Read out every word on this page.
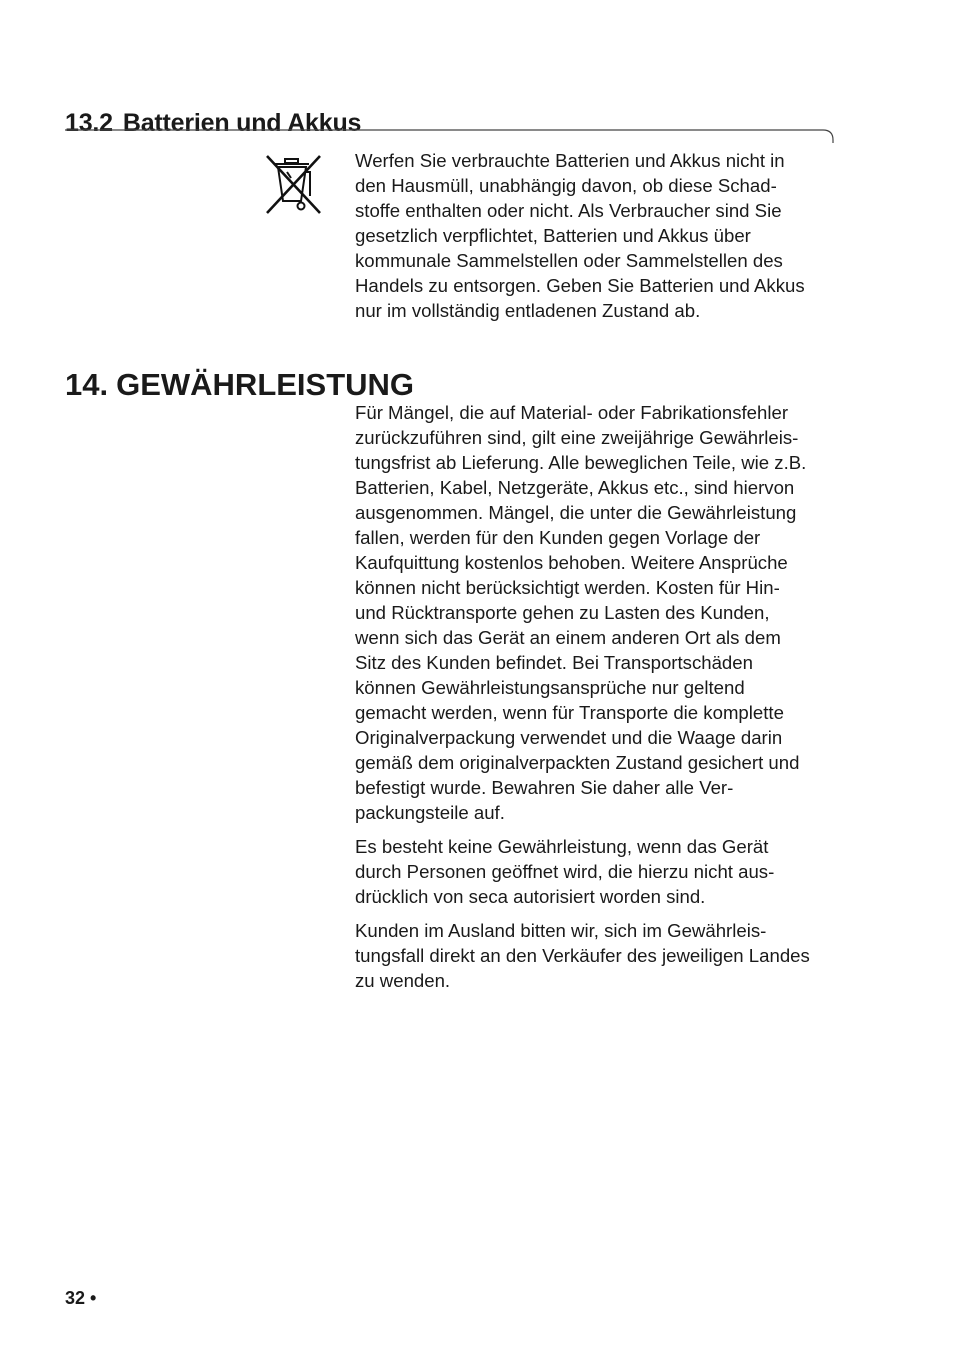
13.2 Batterien und Akkus
Werfen Sie verbrauchte Batterien und Akkus nicht in
den Hausmüll, unabhängig davon, ob diese Schad-
stoffe enthalten oder nicht. Als Verbraucher sind Sie
gesetzlich verpflichtet, Batterien und Akkus über
kommunale Sammelstellen oder Sammelstellen des
Handels zu entsorgen. Geben Sie Batterien und Akkus
nur im vollständig entladenen Zustand ab.
14. GEWÄHRLEISTUNG
Für Mängel, die auf Material- oder Fabrikationsfehler
zurückzuführen sind, gilt eine zweijährige Gewährleis-
tungsfrist ab Lieferung. Alle beweglichen Teile, wie z.B.
Batterien, Kabel, Netzgeräte, Akkus etc., sind hiervon
ausgenommen. Mängel, die unter die Gewährleistung
fallen, werden für den Kunden gegen Vorlage der
Kaufquittung kostenlos behoben. Weitere Ansprüche
können nicht berücksichtigt werden. Kosten für Hin-
und Rücktransporte gehen zu Lasten des Kunden,
wenn sich das Gerät an einem anderen Ort als dem
Sitz des Kunden befindet. Bei Transportschäden
können Gewährleistungsansprüche nur geltend
gemacht werden, wenn für Transporte die komplette
Originalverpackung verwendet und die Waage darin
gemäß dem originalverpackten Zustand gesichert und
befestigt wurde. Bewahren Sie daher alle Ver-
packungsteile auf.
Es besteht keine Gewährleistung, wenn das Gerät
durch Personen geöffnet wird, die hierzu nicht aus-
drücklich von seca autorisiert worden sind.
Kunden im Ausland bitten wir, sich im Gewährleis-
tungsfall direkt an den Verkäufer des jeweiligen Landes
zu wenden.
32 •
